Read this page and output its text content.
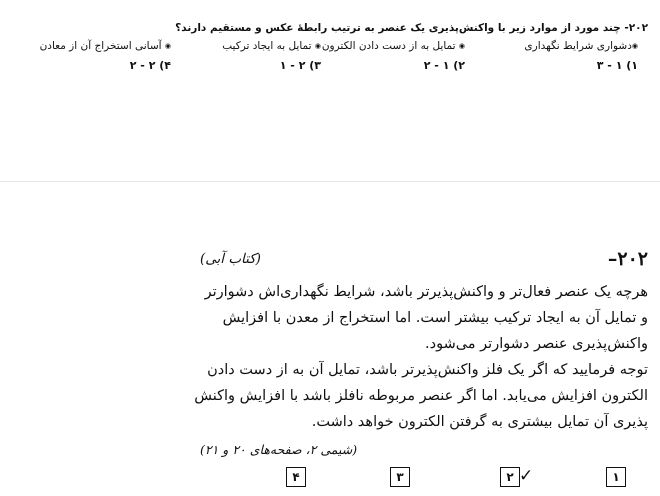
۲۰۲- چند مورد از موارد زیر با واکنش‌پذیری یک عنصر به ترتیب رابطهٔ عکس و مستقیم دارند؟
◉دشواری شرایط نگهداری
◉ تمایل به از دست دادن الکترون
◉ تمایل به ایجاد ترکیب
◉ آسانی استخراج آن از معادن
۱) ۱ - ۳
۲) ۱ - ۲
۳) ۲ - ۱
۴) ۲ - ۲
۲۰۲–
(کتاب آبی)
هرچه یک عنصر فعال‌تر و واکنش‌پذیرتر باشد، شرایط نگهداری‌اش دشوارتر
و تمایل آن به ایجاد ترکیب بیشتر است. اما استخراج از معدن با افزایش
واکنش‌پذیری عنصر دشوارتر می‌شود.
توجه فرمایید که اگر یک فلز واکنش‌پذیرتر باشد، تمایل آن به از دست دادن
الکترون افزایش می‌یابد. اما اگر عنصر مربوطه نافلز باشد با افزایش واکنش
پذیری آن تمایل بیشتری به گرفتن الکترون خواهد داشت.
(شیمی ۲، صفحه‌های ۲۰ و ۲۱)
۱
✓
۲
۳
۴
